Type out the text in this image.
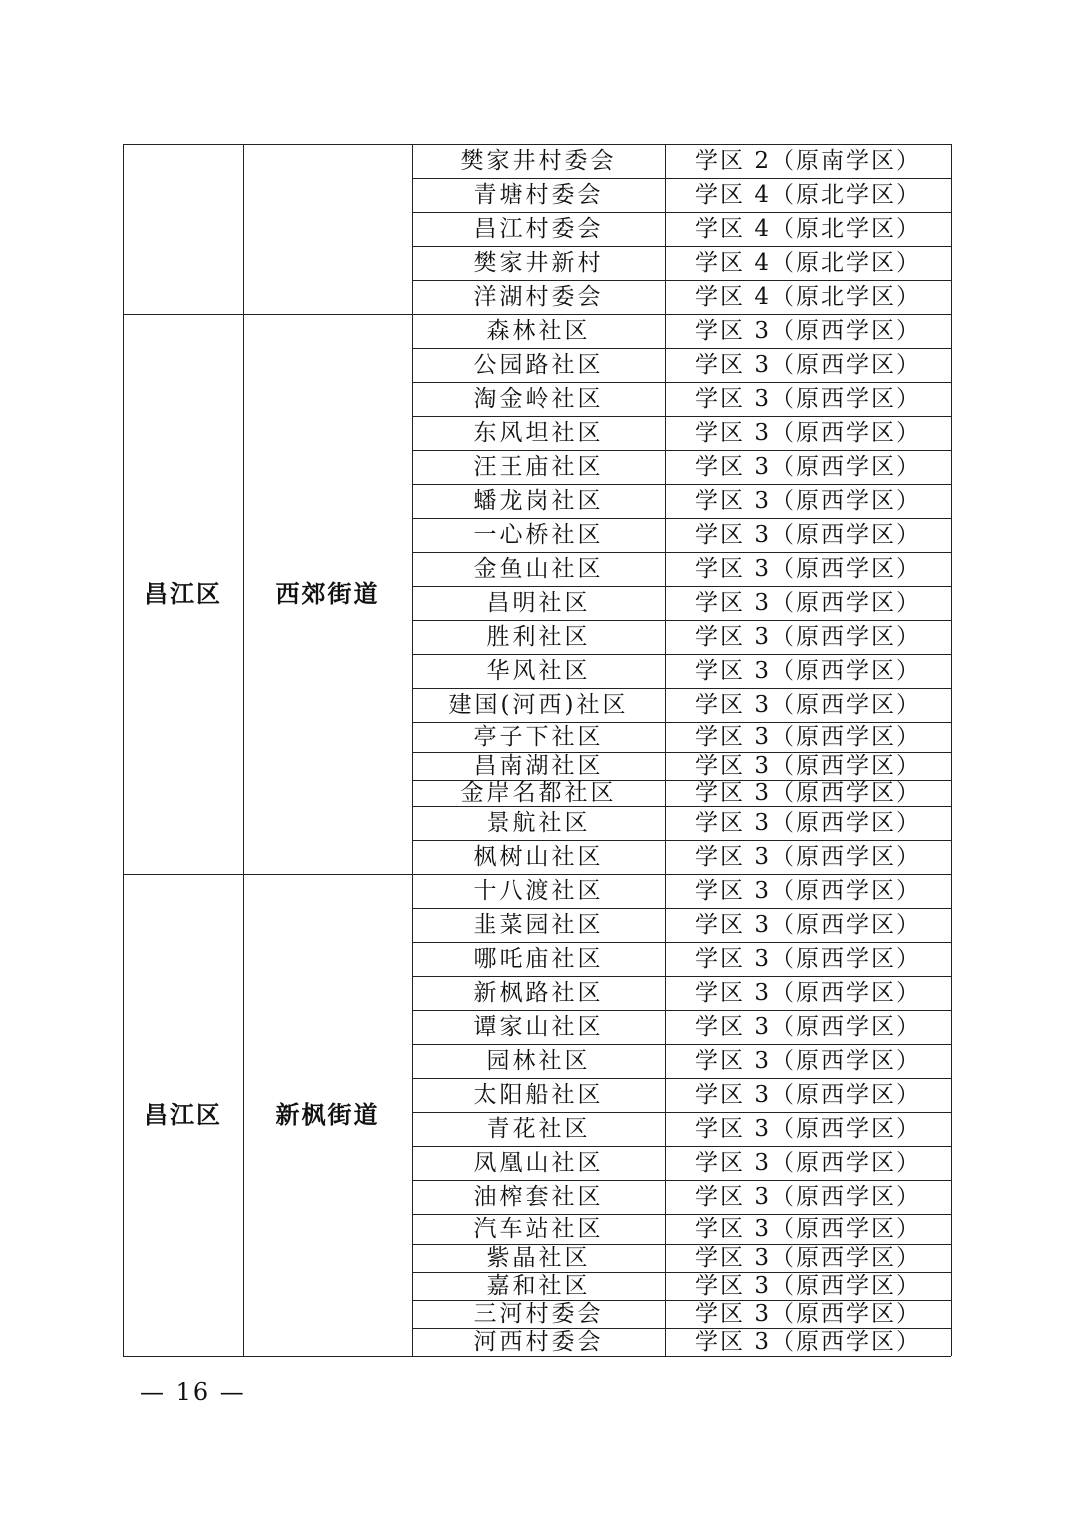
樊家井村委会	学区 2（原南学区）
青塘村委会	学区 4（原北学区）
昌江村委会	学区 4（原北学区）
樊家井新村	学区 4（原北学区）
洋湖村委会	学区 4（原北学区）
昌江区	西郊街道
森林社区	学区 3（原西学区）
公园路社区	学区 3（原西学区）
淘金岭社区	学区 3（原西学区）
东风坦社区	学区 3（原西学区）
汪王庙社区	学区 3（原西学区）
蟠龙岗社区	学区 3（原西学区）
一心桥社区	学区 3（原西学区）
金鱼山社区	学区 3（原西学区）
昌明社区	学区 3（原西学区）
胜利社区	学区 3（原西学区）
华风社区	学区 3（原西学区）
建国(河西)社区	学区 3（原西学区）
亭子下社区	学区 3（原西学区）
昌南湖社区	学区 3（原西学区）
金岸名都社区	学区 3（原西学区）
景航社区	学区 3（原西学区）
枫树山社区	学区 3（原西学区）
昌江区	新枫街道
十八渡社区	学区 3（原西学区）
韭菜园社区	学区 3（原西学区）
哪吒庙社区	学区 3（原西学区）
新枫路社区	学区 3（原西学区）
谭家山社区	学区 3（原西学区）
园林社区	学区 3（原西学区）
太阳船社区	学区 3（原西学区）
青花社区	学区 3（原西学区）
凤凰山社区	学区 3（原西学区）
油榨套社区	学区 3（原西学区）
汽车站社区	学区 3（原西学区）
紫晶社区	学区 3（原西学区）
嘉和社区	学区 3（原西学区）
三河村委会	学区 3（原西学区）
河西村委会	学区 3（原西学区）
— 16 —
